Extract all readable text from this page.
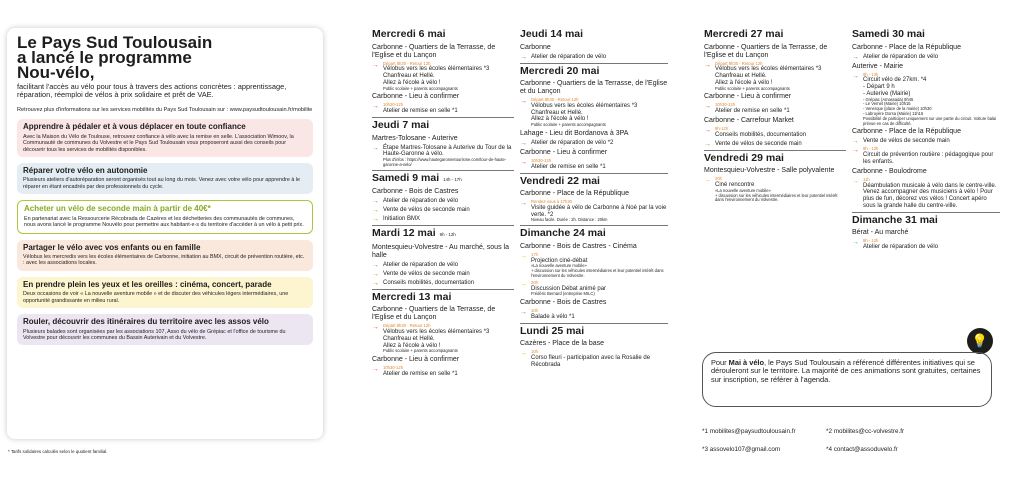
Le Pays Sud Toulousain
a lancé le programme
Nou-vélo,
facilitant l'accès au vélo pour tous à travers des actions concrètes : apprentissage, réparation, réemploi de vélos à prix solidaire et prêt de VAE.
Retrouvez plus d'informations sur les services mobilités du Pays Sud Toulousain sur : www.paysudtoulousain.fr/mobilite
Apprendre à pédaler et à vous déplacer en toute confiance

Avec la Maison du Vélo de Toulouse, retrouvez confiance à vélo avec la remise en selle. L'association Wimoov, la Communauté de communes du Volvestre et le Pays Sud Toulousain vous proposeront aussi des conseils pour découvrir tous les services de mobilités disponibles.

Réparer votre vélo en autonomie

Plusieurs ateliers d'autoréparation seront organisés tout au long du mois. Venez avec votre vélo pour apprendre à le réparer en étant encadrés par des professionnels du cycle.

Acheter un vélo de seconde main à partir de 40€*

En partenariat avec la Ressourcerie Récobrada de Cazères et les déchetteries des communautés de communes, nous avons lancé le programme Nouvélo pour permettre aux habitant·e·s du territoire d'accéder à un vélo à petit prix.

Partager le vélo avec vos enfants ou en famille

Vélobus les mercredis vers les écoles élémentaires de Carbonne, initiation au BMX, circuit de prévention routière, etc. : avec les associations locales.

En prendre plein les yeux et les oreilles : cinéma, concert, parade

Deux occasions de voir « La nouvelle aventure mobile » et de discuter des véhicules légers intermédiaires, une opportunité grandissante en milieu rural.

Rouler, découvrir des itinéraires du territoire avec les assos vélo

Plusieurs balades sont organisées par les associations 107, Asso du vélo de Grépiac et l'office de tourisme du Volvestre pour découvrir les communes du Bassin Auterivain et du Volvestre.

* Tarifs solidaires calculés selon le quotient familial.
Mercredi 6 mai
Carbonne - Quartiers de la Terrasse, de l'Eglise et du Lançon
→ Départ 8h30 - Retour 12h
Vélobus vers les écoles élémentaires *3
Chanfreau et Hellé.
Allez à l'école à vélo !
Public scolaire + parents accompagnants
Carbonne - Lieu à confirmer
→ 10h30-12h
Atelier de remise en selle *1
Jeudi 7 mai
Martres-Tolosane - Auterive
→ Étape Martres-Tolosane à Auterive du Tour de la Haute-Garonne à vélo.
Plus d'infos : https://www.hautegaronnetourisme.com/tour-de-haute-garonne-a-velo/
Samedi 9 mai 14h - 17h
Carbonne - Bois de Castres
→ Atelier de réparation de vélo
→ Vente de vélos de seconde main
→ Initiation BMX
Mardi 12 mai 9h - 12h
Montesquieu-Volvestre - Au marché, sous la halle
→ Atelier de réparation de vélo
→ Vente de vélos de seconde main
→ Conseils mobilités, documentation
Mercredi 13 mai
Carbonne - Quartiers de la Terrasse, de l'Eglise et du Lançon
→ Départ 8h30 - Retour 12h
Vélobus vers les écoles élémentaires *3
Chanfreau et Hellé.
Allez à l'école à vélo !
Public scolaire + parents accompagnants
Carbonne - Lieu à confirmer
→ 10h30-12h
Atelier de remise en selle *1
Jeudi 14 mai
Carbonne
→ Atelier de réparation de vélo
Mercredi 20 mai
Carbonne - Quartiers de la Terrasse, de l'Eglise et du Lançon
→ Départ 8h30 - Retour 12h
Vélobus vers les écoles élémentaires *3
Chanfreau et Hellé.
Allez à l'école à vélo !
Public scolaire + parents accompagnants
Lahage - Lieu dit Bordanova à 3PA
→ Atelier de réparation de vélo *2
Carbonne - Lieu à confirmer
→ 10h30-12h
Atelier de remise en selle *1
Vendredi 22 mai
Carbonne - Place de la République
→ Rendez-vous à 17h30
Visite guidée à vélo de Carbonne à Noé par la voie verte. *2
Niveau facile. Durée : 2h. Distance : 20km
Dimanche 24 mai
Carbonne - Bois de Castres - Cinéma
→ 17h
Projection ciné-débat
«La nouvelle aventure mobile»
+ discussion sur les véhicules intermédiaires et leur potentiel intérêt dans l'environnement du Volvestre.
→ 20h
Discussion Débat animé par
Frédéric Bernard (entreprise MILC)
Carbonne - Bois de Castres
→ 10h
Balade à vélo *1
Lundi 25 mai
Cazères - Place de la base
→ 10h
Corso fleuri - participation avec la Rosalie de Récobrada
Mercredi 27 mai
Carbonne - Quartiers de la Terrasse, de l'Eglise et du Lançon
→ Départ 8h30 - Retour 12h
Vélobus vers les écoles élémentaires *3
Chanfreau et Hellé.
Allez à l'école à vélo !
Public scolaire + parents accompagnants
Carbonne - Lieu à confirmer
→ 10h30-12h
Atelier de remise en selle *1
Carbonne - Carrefour Market
→ 9h-12h
Conseils mobilités, documentation
→ Vente de vélos de seconde main
Vendredi 29 mai
Montesquieu-Volvestre - Salle polyvalente
→ 20h
Ciné rencontre
«La nouvelle aventure mobile»
+ discussion sur les véhicules intermédiaires et leur potentiel intérêt dans l'environnement du Volvestre.
Samedi 30 mai
Carbonne - Place de la République
→ Atelier de réparation de vélo
Auterive - Mairie
→ 9h - 12h
Circuit vélo de 27km. *4
- Départ 9 h
- Auterive (Mairie)
- Grépiac (Amassada) 9h45
- Le Vernet (Mairie) 10h15
- Venerque (place de la mairie) 10h30
- Labruyère Dorsa (Mairie) 11h15
Possibilité de participer uniquement sur une partie du circuit. Voiture balai prévue en cas de difficulté.
Carbonne - Place de la République
→ Vente de vélos de seconde main
→ 9h - 12h
Circuit de prévention routière : pédagogique pour les enfants.
Carbonne - Boulodrome
→ 11h
Déambulation musicale à vélo dans le centre-ville. Venez accompagner des musiciens à vélo ! Pour plus de fun, décorez vos vélos ! Concert apéro sous la grande halle du centre-ville.
Dimanche 31 mai
Bérat - Au marché
→ 9h - 12h
Atelier de réparation de vélo
💡
Pour Mai à vélo, le Pays Sud Toulousain a référencé différentes initiatives qui se dérouleront sur le territoire. La majorité de ces animations sont gratuites, certaines sur inscription, se référer à l'agenda.
*1 mobilites@paysudtoulousain.fr	*2 mobilites@cc-volvestre.fr
*3 assovelo107@gmail.com	*4 contact@assoduvelo.fr
